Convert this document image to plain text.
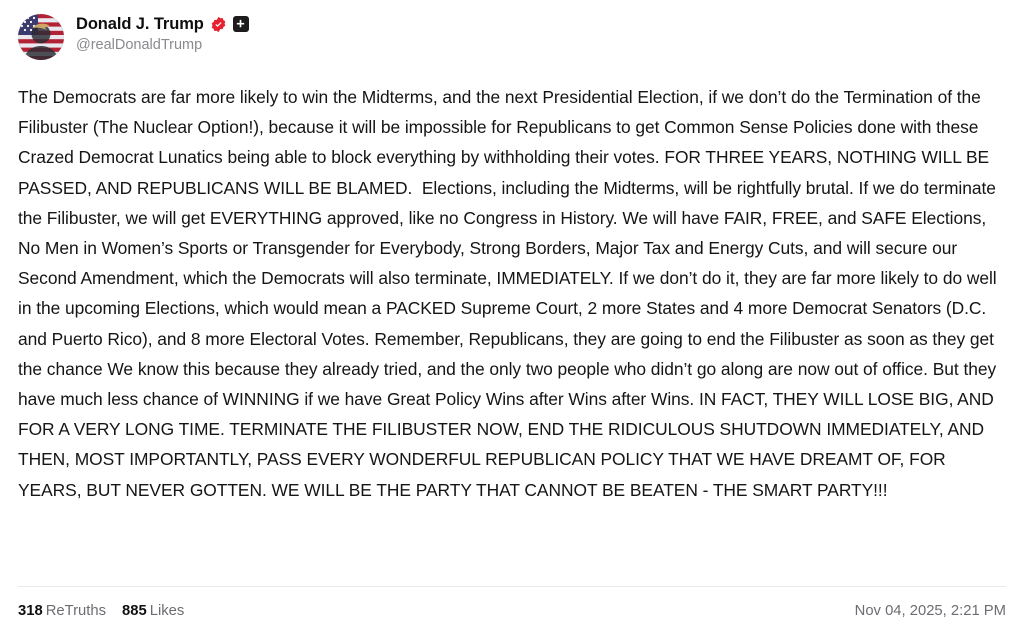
Donald J. Trump
@realDonaldTrump
The Democrats are far more likely to win the Midterms, and the next Presidential Election, if we don’t do the Termination of the Filibuster (The Nuclear Option!), because it will be impossible for Republicans to get Common Sense Policies done with these Crazed Democrat Lunatics being able to block everything by withholding their votes. FOR THREE YEARS, NOTHING WILL BE PASSED, AND REPUBLICANS WILL BE BLAMED.  Elections, including the Midterms, will be rightfully brutal. If we do terminate the Filibuster, we will get EVERYTHING approved, like no Congress in History. We will have FAIR, FREE, and SAFE Elections, No Men in Women’s Sports or Transgender for Everybody, Strong Borders, Major Tax and Energy Cuts, and will secure our Second Amendment, which the Democrats will also terminate, IMMEDIATELY. If we don’t do it, they are far more likely to do well in the upcoming Elections, which would mean a PACKED Supreme Court, 2 more States and 4 more Democrat Senators (D.C. and Puerto Rico), and 8 more Electoral Votes. Remember, Republicans, they are going to end the Filibuster as soon as they get the chance We know this because they already tried, and the only two people who didn’t go along are now out of office. But they have much less chance of WINNING if we have Great Policy Wins after Wins after Wins. IN FACT, THEY WILL LOSE BIG, AND FOR A VERY LONG TIME. TERMINATE THE FILIBUSTER NOW, END THE RIDICULOUS SHUTDOWN IMMEDIATELY, AND THEN, MOST IMPORTANTLY, PASS EVERY WONDERFUL REPUBLICAN POLICY THAT WE HAVE DREAMT OF, FOR YEARS, BUT NEVER GOTTEN. WE WILL BE THE PARTY THAT CANNOT BE BEATEN - THE SMART PARTY!!!
318 ReTruths 885 Likes	Nov 04, 2025, 2:21 PM
